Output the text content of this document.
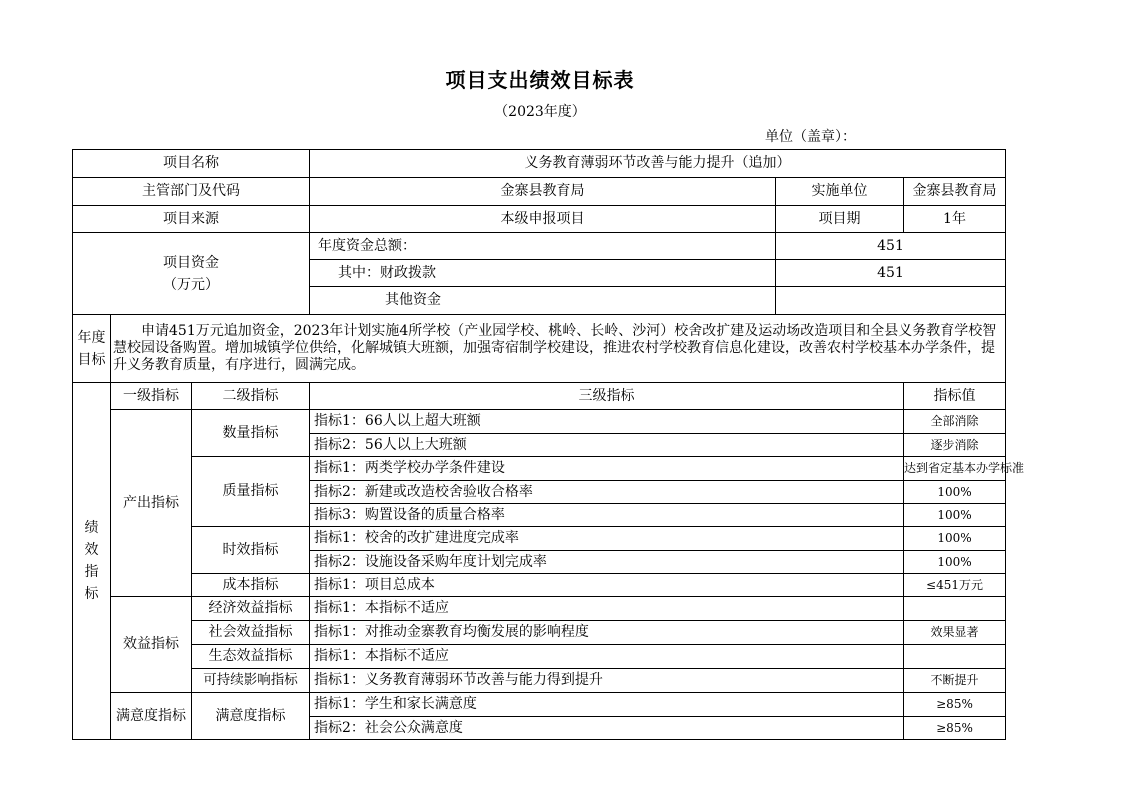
项目支出绩效目标表
（2023年度）
单位（盖章）：
项目名称			义务教育薄弱环节改善与能力提升（追加）		
主管部门及代码			金寨县教育局	实施单位	金寨县教育局
项目来源			本级申报项目	项目期	1年

项目资金（万元）			年度资金总额：	451	
			其中：财政拨款	451	
			其他资金		

年度目标	申请451万元追加资金，2023年计划实施4所学校（产业园学校、桃岭、长岭、沙河）校舍改扩建及运动场改造项目和全县义务教育学校智慧校园设备购置。增加城镇学位供给，化解城镇大班额，加强寄宿制学校建设，推进农村学校教育信息化建设，改善农村学校基本办学条件，提升义务教育质量，有序进行，圆满完成。				

绩效指标	一级指标	二级指标	三级指标		指标值
	产出指标	数量指标	指标1：66人以上超大班额		全部消除
			指标2：56人以上大班额		逐步消除
		质量指标	指标1：两类学校办学条件建设		达到省定基本办学标准
			指标2：新建或改造校舍验收合格率		100%
			指标3：购置设备的质量合格率		100%
		时效指标	指标1：校舍的改扩建进度完成率		100%
			指标2：设施设备采购年度计划完成率		100%
		成本指标	指标1：项目总成本		≤451万元
	效益指标	经济效益指标	指标1：本指标不适应		
		社会效益指标	指标1：对推动金寨教育均衡发展的影响程度		效果显著
		生态效益指标	指标1：本指标不适应		
		可持续影响指标	指标1：义务教育薄弱环节改善与能力得到提升		不断提升

	满意度指标	满意度指标	指标1：学生和家长满意度		≥85%
			指标2：社会公众满意度		≥85%
